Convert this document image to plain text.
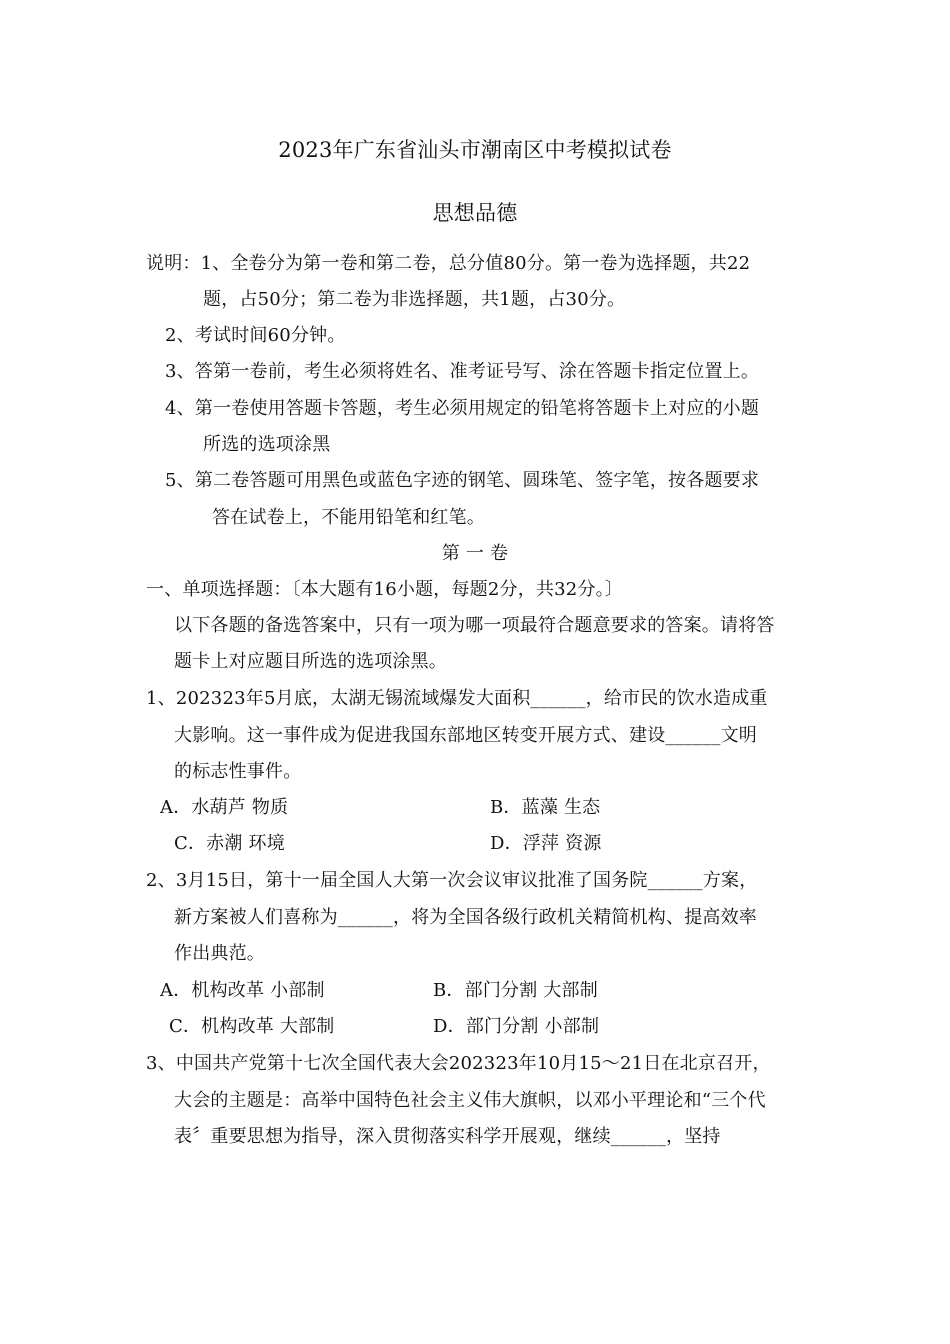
2023年广东省汕头市潮南区中考模拟试卷
思想品德
说明：1、全卷分为第一卷和第二卷，总分值80分。第一卷为选择题，共22
题，占50分；第二卷为非选择题，共1题，占30分。
2、考试时间60分钟。
3、答第一卷前，考生必须将姓名、准考证号写、涂在答题卡指定位置上。
4、第一卷使用答题卡答题，考生必须用规定的铅笔将答题卡上对应的小题
所选的选项涂黑
5、第二卷答题可用黑色或蓝色字迹的钢笔、圆珠笔、签字笔，按各题要求
答在试卷上，不能用铅笔和红笔。
第 一 卷
一、单项选择题：〔本大题有16小题，每题2分，共32分。〕
以下各题的备选答案中，只有一项为哪一项最符合题意要求的答案。请将答
题卡上对应题目所选的选项涂黑。
1、202323年5月底，太湖无锡流域爆发大面积______，给市民的饮水造成重
大影响。这一事件成为促进我国东部地区转变开展方式、建设______文明
的标志性事件。
A．水葫芦 物质	B．蓝藻 生态
C．赤潮 环境	D．浮萍 资源
2、3月15日，第十一届全国人大第一次会议审议批准了国务院______方案，
新方案被人们喜称为______，将为全国各级行政机关精简机构、提高效率
作出典范。
A．机构改革 小部制	B．部门分割 大部制
C．机构改革 大部制	D．部门分割 小部制
3、中国共产党第十七次全国代表大会202323年10月15～21日在北京召开，
大会的主题是：高举中国特色社会主义伟大旗帜，以邓小平理论和“三个代
表〞重要思想为指导，深入贯彻落实科学开展观，继续______，坚持
